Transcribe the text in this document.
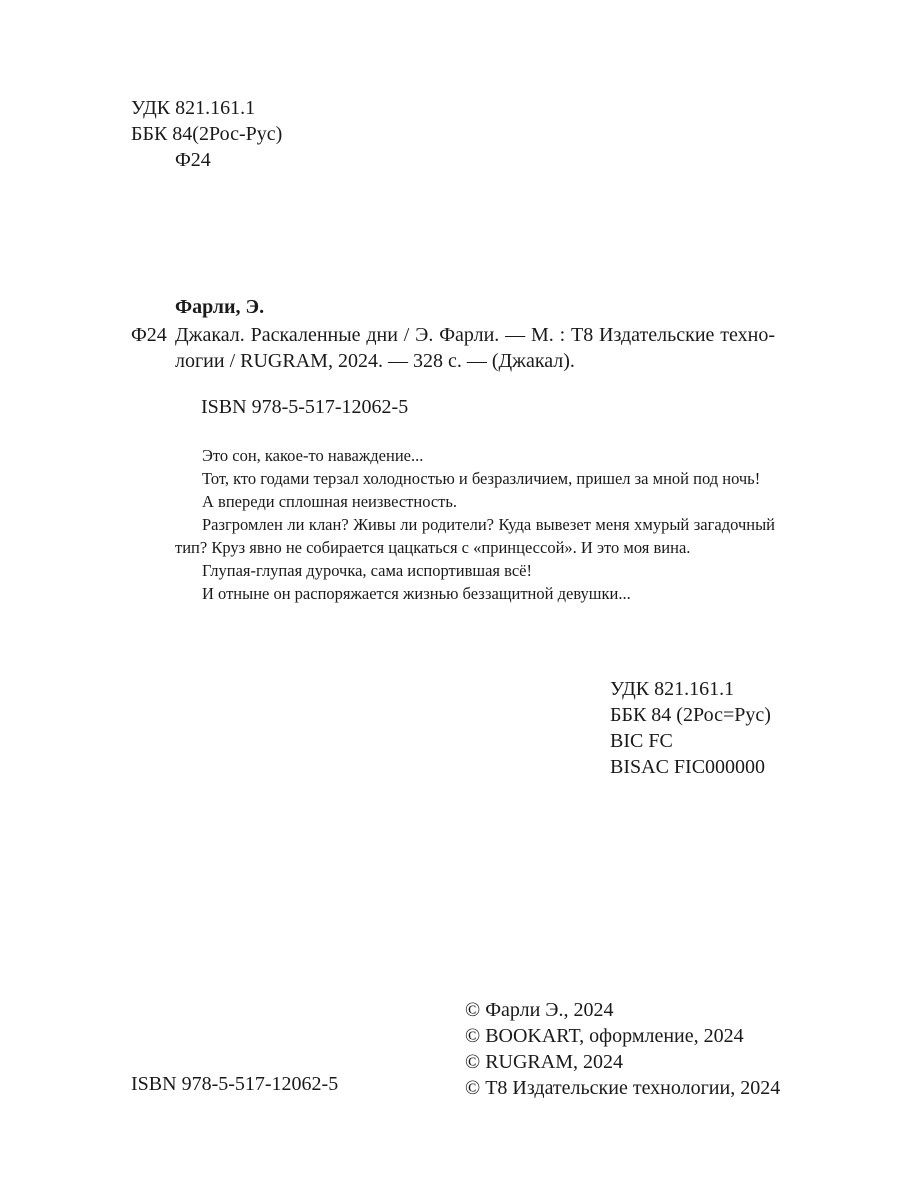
УДК 821.161.1
ББК 84(2Рос-Рус)
Ф24
Фарли, Э.
Ф24 Джакал. Раскаленные дни / Э. Фарли. — М. : Т8 Издательские техно-
логии / RUGRAM, 2024. — 328 с. — (Джакал).
ISBN 978-5-517-12062-5

Это сон, какое-то наваждение...

Тот, кто годами терзал холодностью и безразличием, пришел за мной под ночь!

А впереди сплошная неизвестность.

Разгромлен ли клан? Живы ли родители? Куда вывезет меня хмурый загадочный тип? Круз явно не собирается цацкаться с «принцессой». И это моя вина.

Глупая-глупая дурочка, сама испортившая всё!

И отныне он распоряжается жизнью беззащитной девушки...

УДК 821.161.1
ББК 84 (2Рос=Рус)
BIC FC
BISAC FIC000000
© Фарли Э., 2024
© BOOKART, оформление, 2024
© RUGRAM, 2024
© Т8 Издательские технологии, 2024
ISBN 978-5-517-12062-5
